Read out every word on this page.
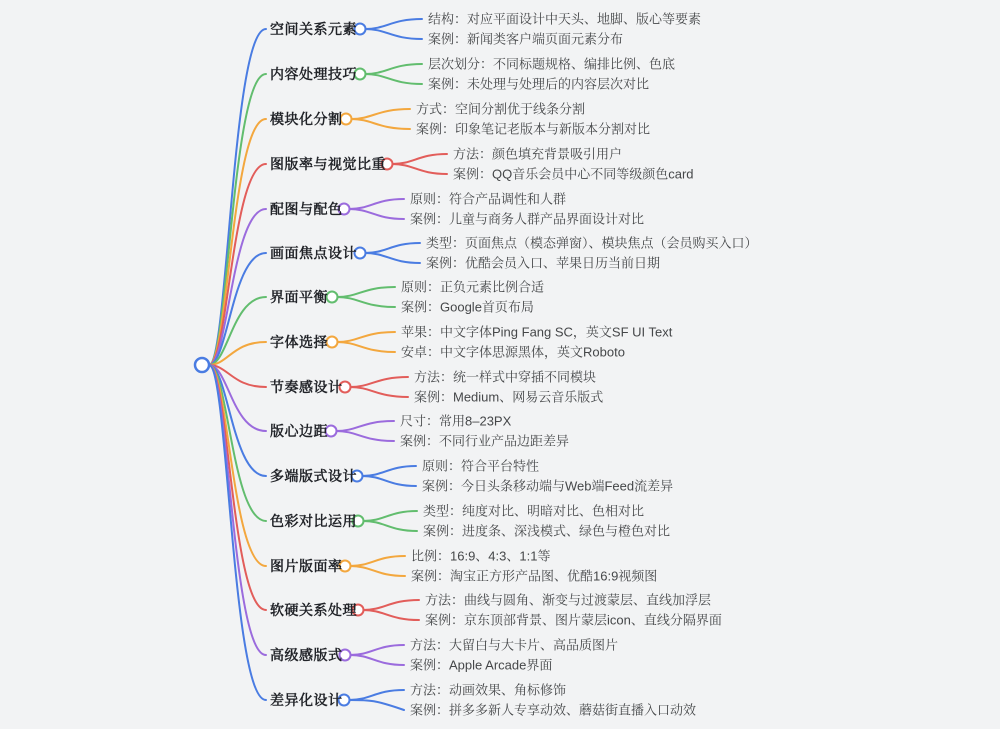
空间关系元素
内容处理技巧
模块化分割
图版率与视觉比重
配图与配色
画面焦点设计
界面平衡
字体选择
节奏感设计
版心边距
多端版式设计
色彩对比运用
图片版面率
软硬关系处理
高级感版式
差异化设计
结构：对应平面设计中天头、地脚、版心等要素
案例：新闻类客户端页面元素分布
层次划分：不同标题规格、编排比例、色底
案例：未处理与处理后的内容层次对比
方式：空间分割优于线条分割
案例：印象笔记老版本与新版本分割对比
方法：颜色填充背景吸引用户
案例：QQ音乐会员中心不同等级颜色card
原则：符合产品调性和人群
案例：儿童与商务人群产品界面设计对比
类型：页面焦点（模态弹窗）、模块焦点（会员购买入口）
案例：优酷会员入口、苹果日历当前日期
原则：正负元素比例合适
案例：Google首页布局
苹果：中文字体Ping Fang SC，英文SF UI Text
安卓：中文字体思源黑体，英文Roboto
方法：统一样式中穿插不同模块
案例：Medium、网易云音乐版式
尺寸：常用8–23PX
案例：不同行业产品边距差异
原则：符合平台特性
案例：今日头条移动端与Web端Feed流差异
类型：纯度对比、明暗对比、色相对比
案例：进度条、深浅模式、绿色与橙色对比
比例：16:9、4:3、1:1等
案例：淘宝正方形产品图、优酷16:9视频图
方法：曲线与圆角、渐变与过渡蒙层、直线加浮层
案例：京东顶部背景、图片蒙层icon、直线分隔界面
方法：大留白与大卡片、高品质图片
案例：Apple Arcade界面
方法：动画效果、角标修饰
案例：拼多多新人专享动效、蘑菇街直播入口动效
